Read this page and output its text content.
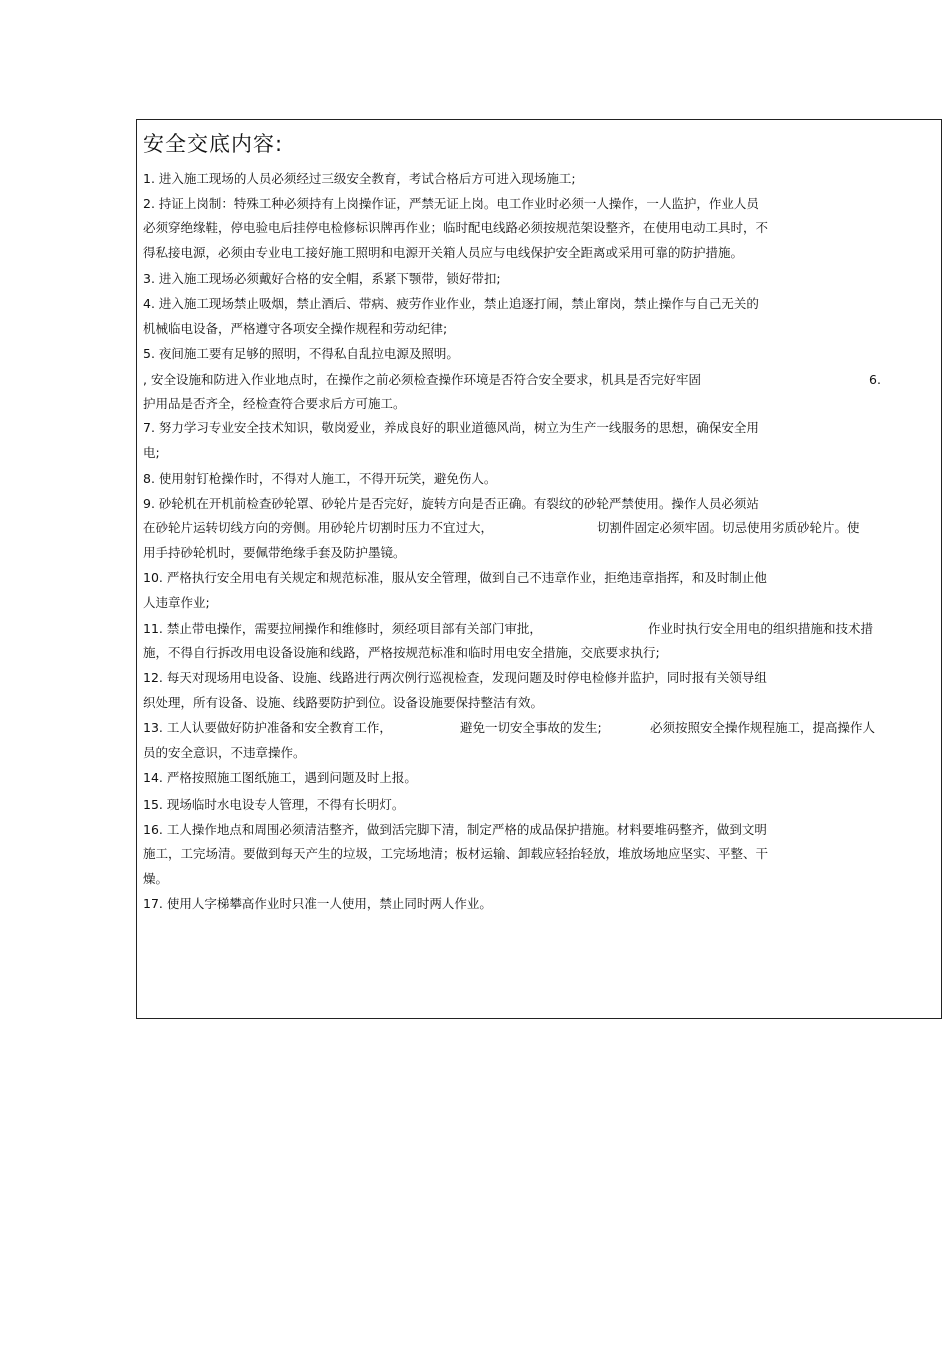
安全交底内容:
1. 进入施工现场的人员必须经过三级安全教育，考试合格后方可进入现场施工;
2. 持证上岗制：特殊工种必须持有上岗操作证，严禁无证上岗。电工作业时必须一人操作，一人监护，作业人员
必须穿绝缘鞋，停电验电后挂停电检修标识牌再作业；临时配电线路必须按规范架设整齐，在使用电动工具时，不
得私接电源，必须由专业电工接好施工照明和电源开关箱人员应与电线保护安全距离或采用可靠的防护措施。
3. 进入施工现场必须戴好合格的安全帽，系紧下颚带，锁好带扣;
4. 进入施工现场禁止吸烟，禁止酒后、带病、疲劳作业作业，禁止追逐打闹，禁止窜岗，禁止操作与自己无关的
机械临电设备，严格遵守各项安全操作规程和劳动纪律;
5. 夜间施工要有足够的照明，不得私自乱拉电源及照明。
, 安全设施和防进入作业地点时，在操作之前必须检查操作环境是否符合安全要求，机具是否完好牢固	6.
护用品是否齐全，经检查符合要求后方可施工。
7. 努力学习专业安全技术知识，敬岗爱业，养成良好的职业道德风尚，树立为生产一线服务的思想，确保安全用
电;
8. 使用射钉枪操作时，不得对人施工，不得开玩笑，避免伤人。
9. 砂轮机在开机前检查砂轮罩、砂轮片是否完好，旋转方向是否正确。有裂纹的砂轮严禁使用。操作人员必须站
在砂轮片运转切线方向的旁侧。用砂轮片切割时压力不宜过大，	切割件固定必须牢固。切忌使用劣质砂轮片。使
用手持砂轮机时，要佩带绝缘手套及防护墨镜。
10. 严格执行安全用电有关规定和规范标准，服从安全管理，做到自己不违章作业，拒绝违章指挥，和及时制止他
人违章作业;
11. 禁止带电操作，需要拉闸操作和维修时，须经项目部有关部门审批，	作业时执行安全用电的组织措施和技术措
施，不得自行拆改用电设备设施和线路，严格按规范标准和临时用电安全措施，交底要求执行;
12. 每天对现场用电设备、设施、线路进行两次例行巡视检查，发现问题及时停电检修并监护，同时报有关领导组
织处理，所有设备、设施、线路要防护到位。设备设施要保持整洁有效。
13. 工人认要做好防护准备和安全教育工作，	避免一切安全事故的发生;	必须按照安全操作规程施工，提高操作人
员的安全意识，不违章操作。
14. 严格按照施工图纸施工，遇到问题及时上报。
15. 现场临时水电设专人管理，不得有长明灯。
16. 工人操作地点和周围必须清洁整齐，做到活完脚下清，制定严格的成品保护措施。材料要堆码整齐，做到文明
施工，工完场清。要做到每天产生的垃圾，工完场地清；板材运输、卸载应轻抬轻放，堆放场地应坚实、平整、干
燥。
17. 使用人字梯攀高作业时只准一人使用，禁止同时两人作业。
